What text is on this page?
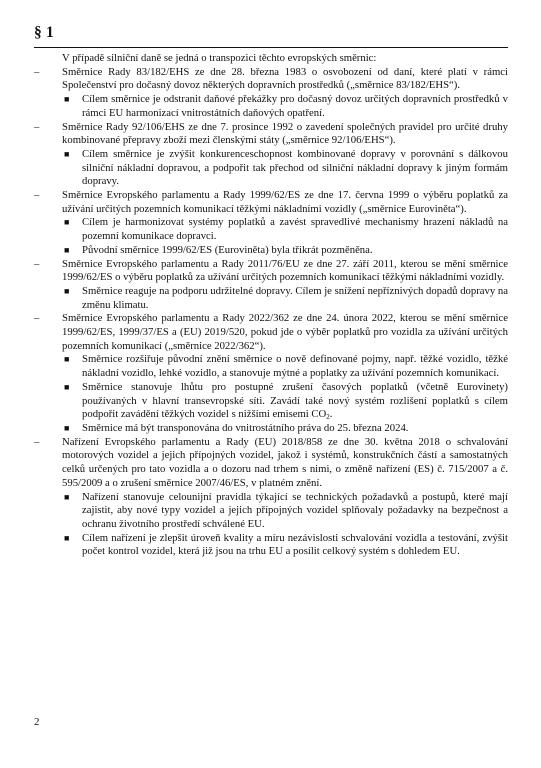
§ 1

V případě silniční daně se jedná o transpozici těchto evropských směrnic:

–	Směrnice Rady 83/182/EHS ze dne 28. března 1983 o osvobození od daní, které platí v rámci Společenství pro dočasný dovoz některých dopravních prostředků („směrnice 83/182/EHS“).

■ Cílem směrnice je odstranit daňové překážky pro dočasný dovoz určitých dopravních prostředků v rámci EU harmonizací vnitrostátních daňových opatření.

–	Směrnice Rady 92/106/EHS ze dne 7. prosince 1992 o zavedení společných pravidel pro určité druhy kombinované přepravy zboží mezi členskými státy („směrnice 92/106/EHS“).

■ Cílem směrnice je zvýšit konkurenceschopnost kombinované dopravy v porovnání s dálkovou silniční nákladní dopravou, a podpořit tak přechod od silniční nákladní dopravy k jiným formám dopravy.

–	Směrnice Evropského parlamentu a Rady 1999/62/ES ze dne 17. června 1999 o výběru poplatků za užívání určitých pozemních komunikací těžkými nákladními vozidly („směrnice Eurovinětа“).

■ Cílem je harmonizovat systémy poplatků a zavést spravedlivé mechanismy hrazení nákladů na pozemní komunikace dopravci.

■ Původní směrnice 1999/62/ES (Euroviněta) byla třikrát pozměněna.

–	Směrnice Evropského parlamentu a Rady 2011/76/EU ze dne 27. září 2011, kterou se mění směrnice 1999/62/ES o výběru poplatků za užívání určitých pozemních komunikací těžkými nákladními vozidly.

■ Směrnice reaguje na podporu udržitelné dopravy. Cílem je snížení nepříznivých dopadů dopravy na změnu klimatu.

–	Směrnice Evropského parlamentu a Rady 2022/362 ze dne 24. února 2022, kterou se mění směrnice 1999/62/ES, 1999/37/ES a (EU) 2019/520, pokud jde o výběr poplatků pro vozidla za užívání určitých pozemních komunikací („směrnice 2022/362“).

■ Směrnice rozšiřuje původní znění směrnice o nově definované pojmy, např. těžké vozidlo, těžké nákladní vozidlo, lehké vozidlo, a stanovuje mýtné a poplatky za užívání pozemních komunikací.

■ Směrnice stanovuje lhůtu pro postupné zrušení časových poplatků (včetně Eurovinety) používaných v hlavní transevropské síti. Zavádí také nový systém rozlišení poplatků s cílem podpořit zavádění těžkých vozidel s nižšími emisemi $CO_2$.

■ Směrnice má být transponována do vnitrostátního práva do 25. března 2024.

–	Nařízení Evropského parlamentu a Rady (EU) 2018/858 ze dne 30. května 2018 o schvalování motorových vozidel a jejich přípojných vozidel, jakož i systémů, konstrukčních částí a samostatných celků určených pro tato vozidla a o dozoru nad trhem s nimi, o změně nařízení (ES) č. 715/2007 a č. 595/2009 a o zrušení směrnice 2007/46/ES, v platném znění.

■ Nařízení stanovuje celounijní pravidla týkající se technických požadavků a postupů, které mají zajistit, aby nové typy vozidel a jejich přípojných vozidel splňovaly požadavky na bezpečnost a ochranu životního prostředí schválené EU.

■ Cílem nařízení je zlepšit úroveň kvality a míru nezávislosti schvalování vozidla a testování, zvýšit počet kontrol vozidel, která již jsou na trhu EU a posílit celkový systém s dohledem EU.

2
